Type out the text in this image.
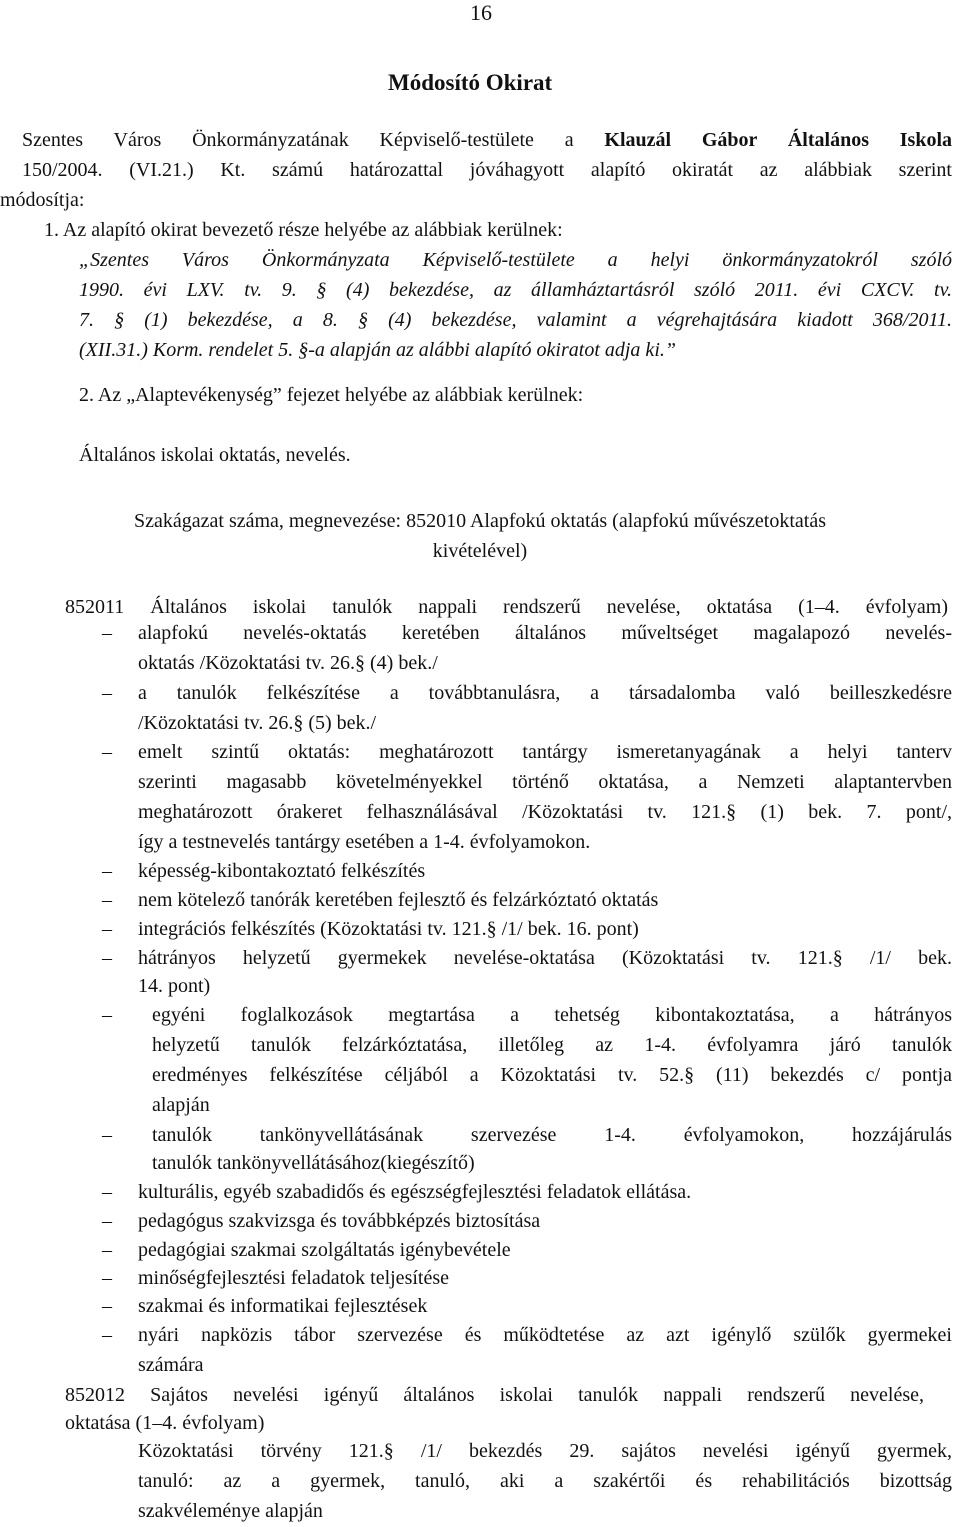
16
Módosító Okirat
Szentes Város Önkormányzatának Képviselő-testülete a Klauzál Gábor Általános Iskola
150/2004. (VI.21.) Kt. számú határozattal jóváhagyott alapító okiratát az alábbiak szerint
módosítja:
1. Az alapító okirat bevezető része helyébe az alábbiak kerülnek:
„Szentes Város Önkormányzata Képviselő-testülete a helyi önkormányzatokról szóló
1990. évi LXV. tv. 9. § (4) bekezdése, az államháztartásról szóló 2011. évi CXCV. tv.
7. § (1) bekezdése, a 8. § (4) bekezdése, valamint a végrehajtására kiadott 368/2011.
(XII.31.) Korm. rendelet 5. §-a alapján az alábbi alapító okiratot adja ki.”
2. Az „Alaptevékenység” fejezet helyébe az alábbiak kerülnek:
Általános iskolai oktatás, nevelés.
Szakágazat száma, megnevezése: 852010 Alapfokú oktatás (alapfokú művészetoktatás
kivételével)
852011 Általános iskolai tanulók nappali rendszerű nevelése, oktatása (1–4. évfolyam)
– alapfokú nevelés-oktatás keretében általános műveltséget magalapozó nevelés-
oktatás /Közoktatási tv. 26.§ (4) bek./
– a tanulók felkészítése a továbbtanulásra, a társadalomba való beilleszkedésre
/Közoktatási tv. 26.§ (5) bek./
– emelt szintű oktatás: meghatározott tantárgy ismeretanyagának a helyi tanterv
szerinti magasabb követelményekkel történő oktatása, a Nemzeti alaptantervben
meghatározott órakeret felhasználásával /Közoktatási tv. 121.§ (1) bek. 7. pont/,
így a testnevelés tantárgy esetében a 1-4. évfolyamokon.
– képesség-kibontakoztató felkészítés
– nem kötelező tanórák keretében fejlesztő és felzárkóztató oktatás
– integrációs felkészítés (Közoktatási tv. 121.§ /1/ bek. 16. pont)
– hátrányos helyzetű gyermekek nevelése-oktatása (Közoktatási tv. 121.§ /1/ bek.
14. pont)
– egyéni foglalkozások megtartása a tehetség kibontakoztatása, a hátrányos
helyzetű tanulók felzárkóztatása, illetőleg az 1-4. évfolyamra járó tanulók
eredményes felkészítése céljából a Közoktatási tv. 52.§ (11) bekezdés c/ pontja
alapján
– tanulók tankönyvellátásának szervezése 1-4. évfolyamokon, hozzájárulás
tanulók tankönyvellátásához(kiegészítő)
– kulturális, egyéb szabadidős és egészségfejlesztési feladatok ellátása.
– pedagógus szakvizsga és továbbképzés biztosítása
– pedagógiai szakmai szolgáltatás igénybevétele
– minőségfejlesztési feladatok teljesítése
– szakmai és informatikai fejlesztések
– nyári napközis tábor szervezése és működtetése az azt igénylő szülők gyermekei
számára
852012 Sajátos nevelési igényű általános iskolai tanulók nappali rendszerű nevelése,
oktatása (1–4. évfolyam)
Közoktatási törvény 121.§ /1/ bekezdés 29. sajátos nevelési igényű gyermek,
tanuló: az a gyermek, tanuló, aki a szakértői és rehabilitációs bizottság
szakvéleménye alapján
